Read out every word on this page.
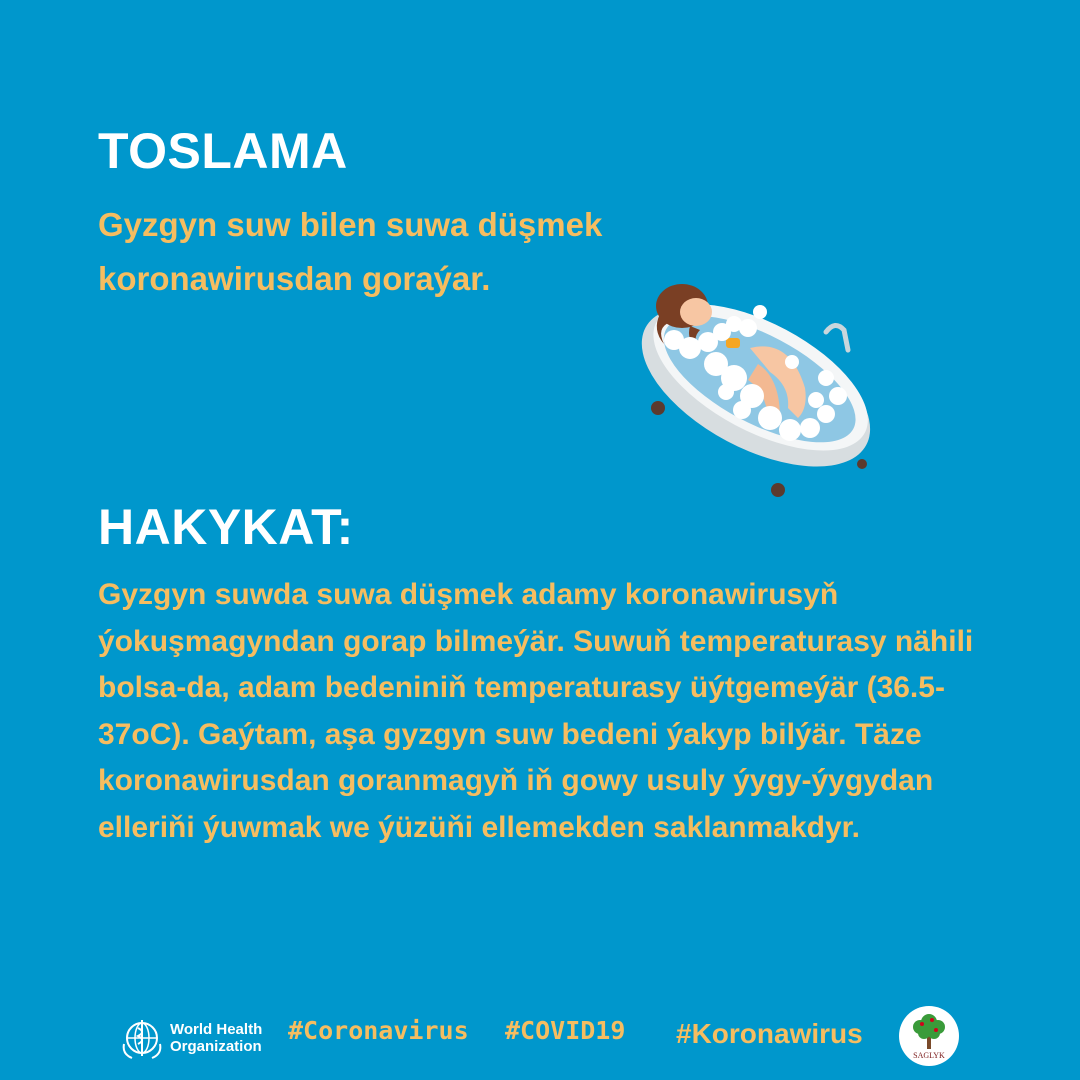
TOSLAMA
Gyzgyn suw bilen suwa düşmek koronawirusdan goraýar.
HAKYKAT:
Gyzgyn suwda suwa düşmek adamy koronawirusyň ýokuşmagyndan gorap bilmeýär. Suwuň temperaturasy nähili bolsa-da, adam bedeniniň temperaturasy üýtgemeýär (36.5-37oC). Gaýtam, aşa gyzgyn suw bedeni ýakyp bilýär. Täze koronawirusdan goranmagyň iň gowy usuly ýygy-ýygydan elleriňi ýuwmak we ýüzüňi ellemekden saklanmakdyr.
World Health
Organization
#Coronavirus #COVID19 #Koronawirus
SAGLYK
